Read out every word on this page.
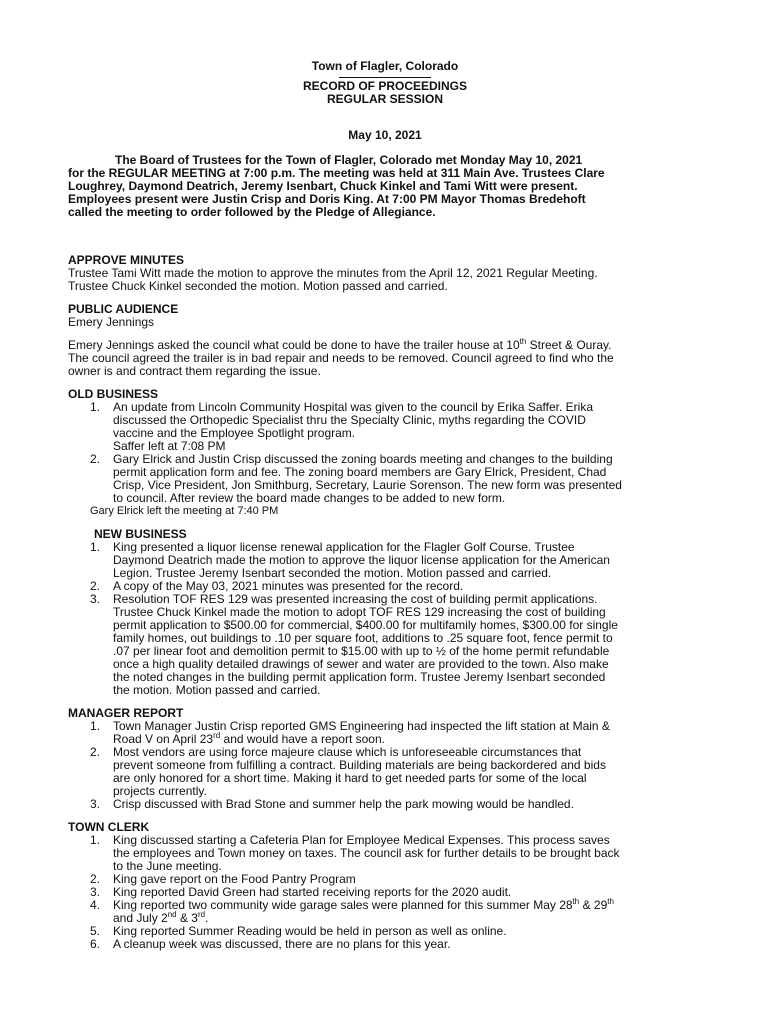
Town of Flagler, Colorado
RECORD OF PROCEEDINGS
REGULAR SESSION
May 10, 2021
The Board of Trustees for the Town of Flagler, Colorado met Monday May 10, 2021
for the REGULAR MEETING at 7:00 p.m. The meeting was held at 311 Main Ave. Trustees Clare
Loughrey, Daymond Deatrich, Jeremy Isenbart, Chuck Kinkel and Tami Witt were present.
Employees present were Justin Crisp and Doris King. At 7:00 PM Mayor Thomas Bredehoft
called the meeting to order followed by the Pledge of Allegiance.
APPROVE MINUTES
Trustee Tami Witt made the motion to approve the minutes from the April 12, 2021 Regular Meeting.
Trustee Chuck Kinkel seconded the motion. Motion passed and carried.
PUBLIC AUDIENCE
Emery Jennings
Emery Jennings asked the council what could be done to have the trailer house at 10th Street & Ouray.
The council agreed the trailer is in bad repair and needs to be removed. Council agreed to find who the
owner is and contract them regarding the issue.
OLD BUSINESS
1. An update from Lincoln Community Hospital was given to the council by Erika Saffer. Erika
discussed the Orthopedic Specialist thru the Specialty Clinic, myths regarding the COVID
vaccine and the Employee Spotlight program.
Saffer left at 7:08 PM
2. Gary Elrick and Justin Crisp discussed the zoning boards meeting and changes to the building
permit application form and fee. The zoning board members are Gary Elrick, President, Chad
Crisp, Vice President, Jon Smithburg, Secretary, Laurie Sorenson. The new form was presented
to council. After review the board made changes to be added to new form.
Gary Elrick left the meeting at 7:40 PM
NEW BUSINESS
1. King presented a liquor license renewal application for the Flagler Golf Course. Trustee
Daymond Deatrich made the motion to approve the liquor license application for the American
Legion. Trustee Jeremy Isenbart seconded the motion. Motion passed and carried.
2. A copy of the May 03, 2021 minutes was presented for the record.
3. Resolution TOF RES 129 was presented increasing the cost of building permit applications.
Trustee Chuck Kinkel made the motion to adopt TOF RES 129 increasing the cost of building
permit application to $500.00 for commercial, $400.00 for multifamily homes, $300.00 for single
family homes, out buildings to .10 per square foot, additions to .25 square foot, fence permit to
.07 per linear foot and demolition permit to $15.00 with up to ½ of the home permit refundable
once a high quality detailed drawings of sewer and water are provided to the town. Also make
the noted changes in the building permit application form. Trustee Jeremy Isenbart seconded
the motion. Motion passed and carried.
MANAGER REPORT
1. Town Manager Justin Crisp reported GMS Engineering had inspected the lift station at Main &
Road V on April 23rd and would have a report soon.
2. Most vendors are using force majeure clause which is unforeseeable circumstances that
prevent someone from fulfilling a contract. Building materials are being backordered and bids
are only honored for a short time. Making it hard to get needed parts for some of the local
projects currently.
3. Crisp discussed with Brad Stone and summer help the park mowing would be handled.
TOWN CLERK
1. King discussed starting a Cafeteria Plan for Employee Medical Expenses. This process saves
the employees and Town money on taxes. The council ask for further details to be brought back
to the June meeting.
2. King gave report on the Food Pantry Program
3. King reported David Green had started receiving reports for the 2020 audit.
4. King reported two community wide garage sales were planned for this summer May 28th & 29th
and July 2nd & 3rd.
5. King reported Summer Reading would be held in person as well as online.
6. A cleanup week was discussed, there are no plans for this year.
